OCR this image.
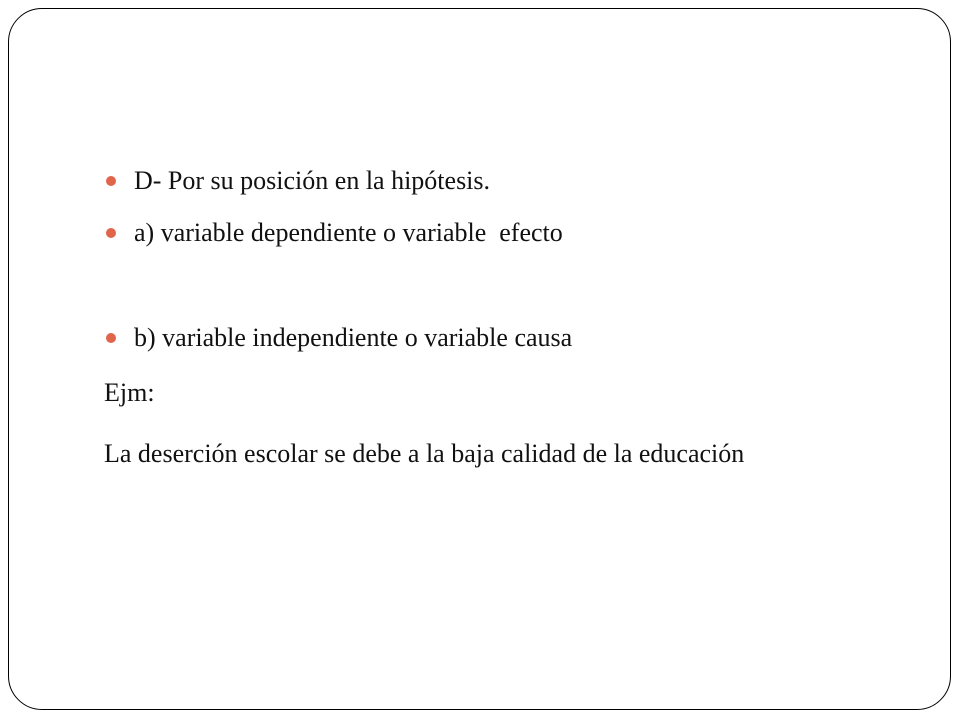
D- Por su posición en la hipótesis.
a) variable dependiente o variable  efecto
b) variable independiente o variable causa

Ejm:

La deserción escolar se debe a la baja calidad de la educación
